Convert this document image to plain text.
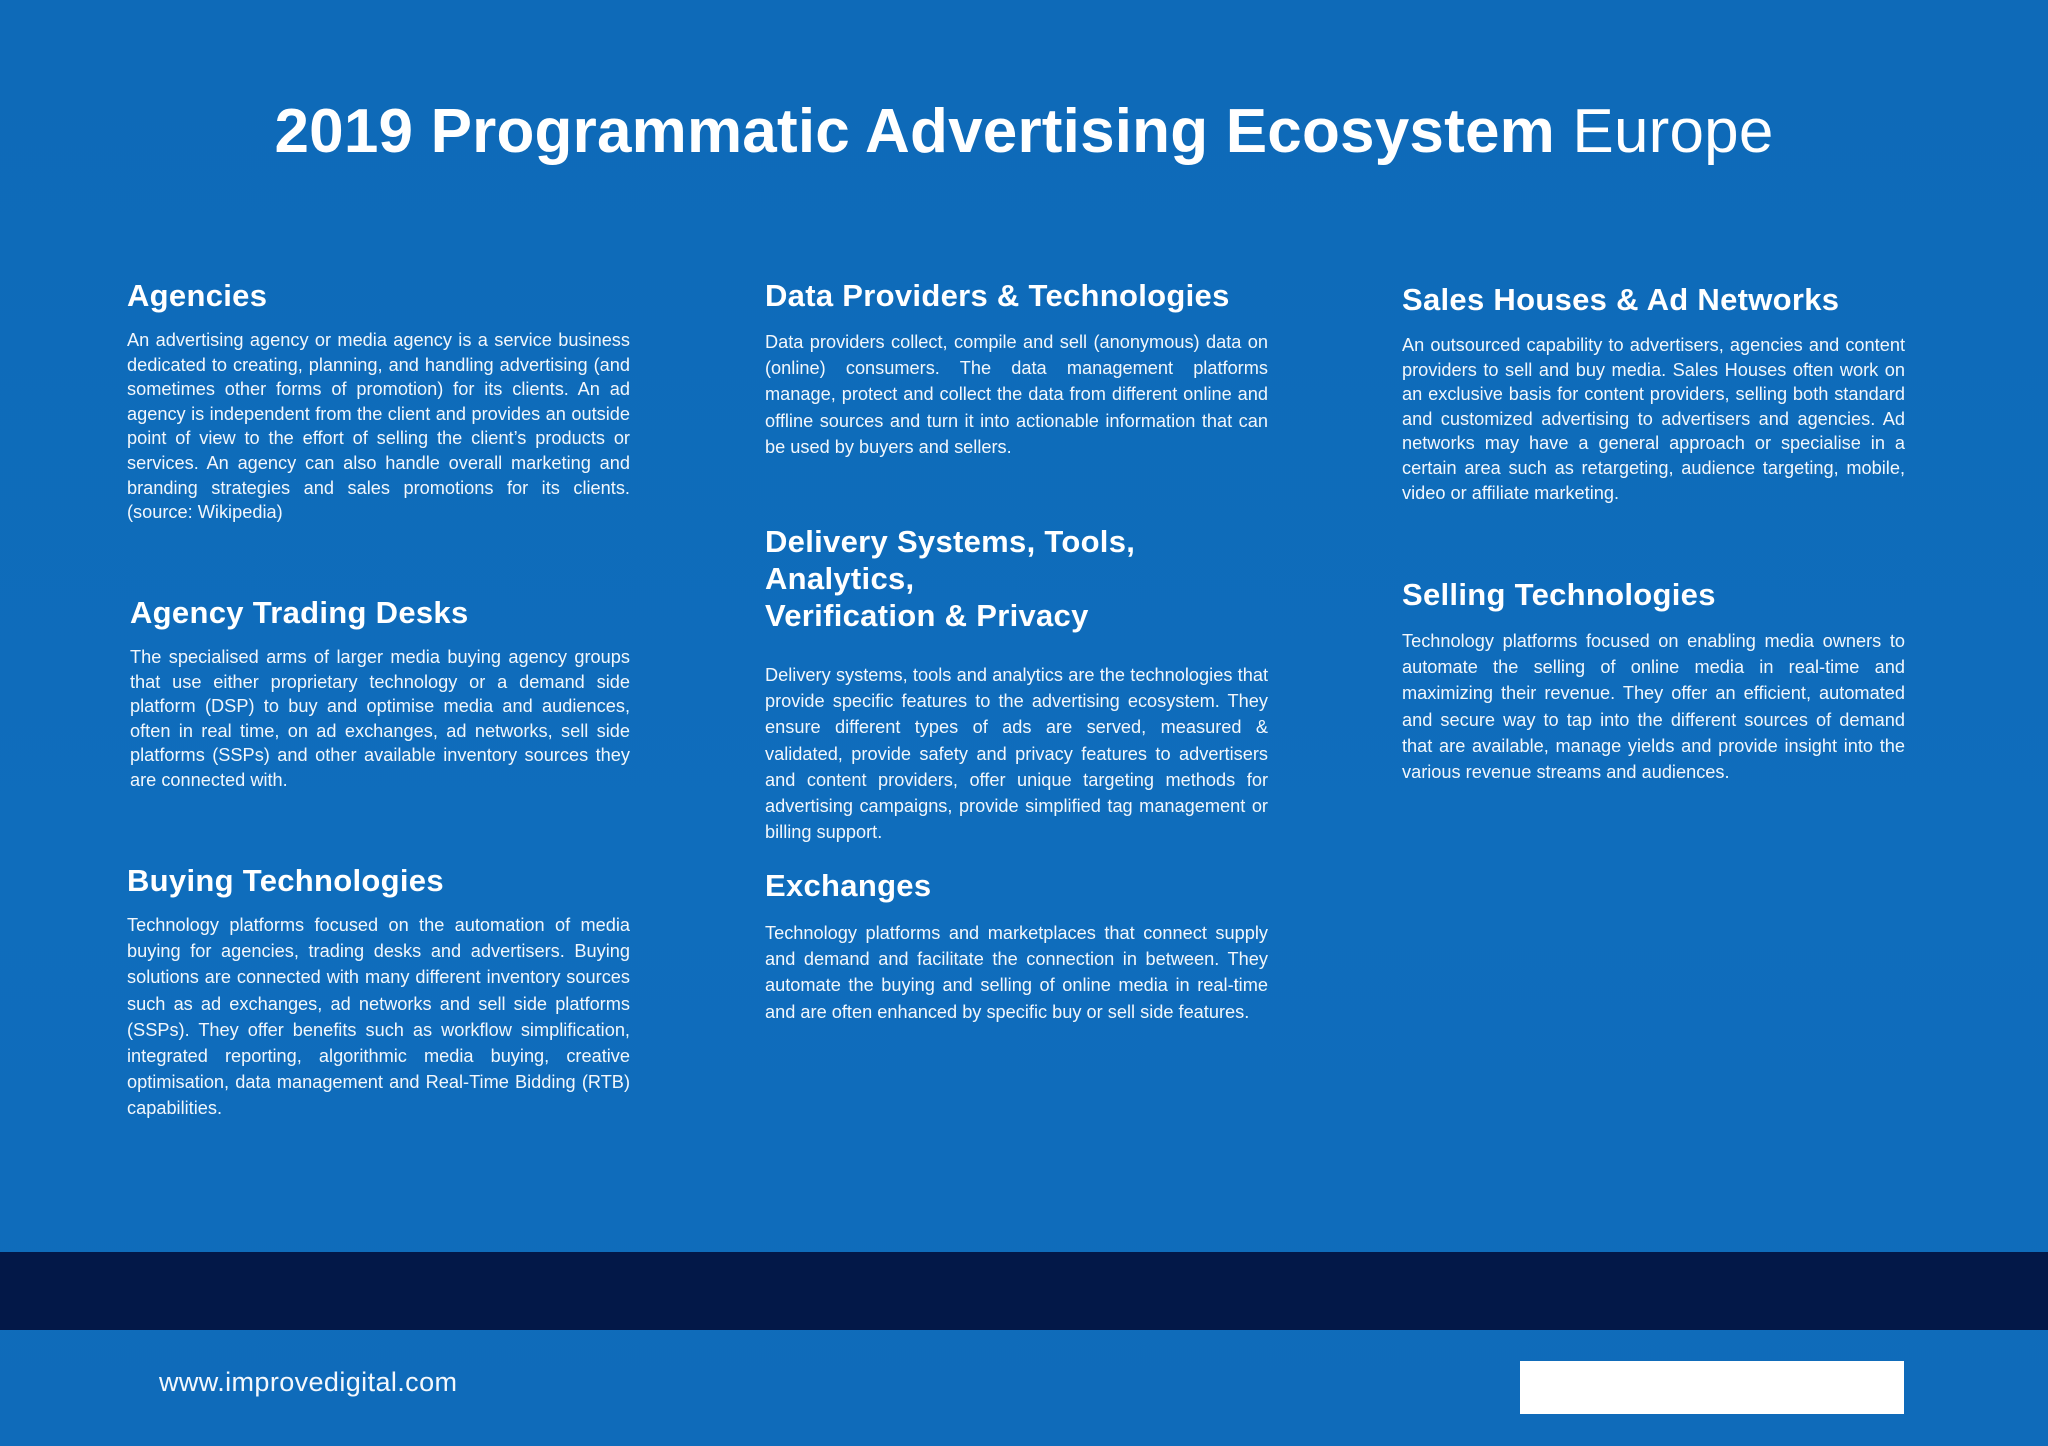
2019 Programmatic Advertising Ecosystem Europe
Agencies

An advertising agency or media agency is a service business dedicated to creating, planning, and handling advertising (and sometimes other forms of promotion) for its clients. An ad agency is independent from the client and provides an outside point of view to the effort of selling the client’s products or services. An agency can also handle overall marketing and branding strategies and sales promotions for its clients. (source: Wikipedia)

Agency Trading Desks

The specialised arms of larger media buying agency groups that use either proprietary technology or a demand side platform (DSP) to buy and optimise media and audiences, often in real time, on ad exchanges, ad networks, sell side platforms (SSPs) and other available inventory sources they are connected with.

Buying Technologies

Technology platforms focused on the automation of media buying for agencies, trading desks and advertisers. Buying solutions are connected with many different inventory sources such as ad exchanges, ad networks and sell side platforms (SSPs). They offer benefits such as workflow simplification, integrated reporting, algorithmic media buying, creative optimisation, data management and Real-Time Bidding (RTB) capabilities.

Data Providers & Technologies

Data providers collect, compile and sell (anonymous) data on (online) consumers. The data management platforms manage, protect and collect the data from different online and offline sources and turn it into actionable information that can be used by buyers and sellers.

Delivery Systems, Tools, Analytics,
Verification & Privacy

Delivery systems, tools and analytics are the technologies that provide specific features to the advertising ecosystem. They ensure different types of ads are served, measured & validated, provide safety and privacy features to advertisers and content providers, offer unique targeting methods for advertising campaigns, provide simplified tag management or billing support.

Exchanges

Technology platforms and marketplaces that connect supply and demand and facilitate the connection in between. They automate the buying and selling of online media in real-time and are often enhanced by specific buy or sell side features.

Sales Houses & Ad Networks

An outsourced capability to advertisers, agencies and content providers to sell and buy media. Sales Houses often work on an exclusive basis for content providers, selling both standard and customized advertising to advertisers and agencies. Ad networks may have a general approach or specialise in a certain area such as retargeting, audience targeting, mobile, video or affiliate marketing.

Selling Technologies

Technology platforms focused on enabling media owners to automate the selling of online media in real-time and maximizing their revenue. They offer an efficient, automated and secure way to tap into the different sources of demand that are available, manage yields and provide insight into the various revenue streams and audiences.

www.improvedigital.com
